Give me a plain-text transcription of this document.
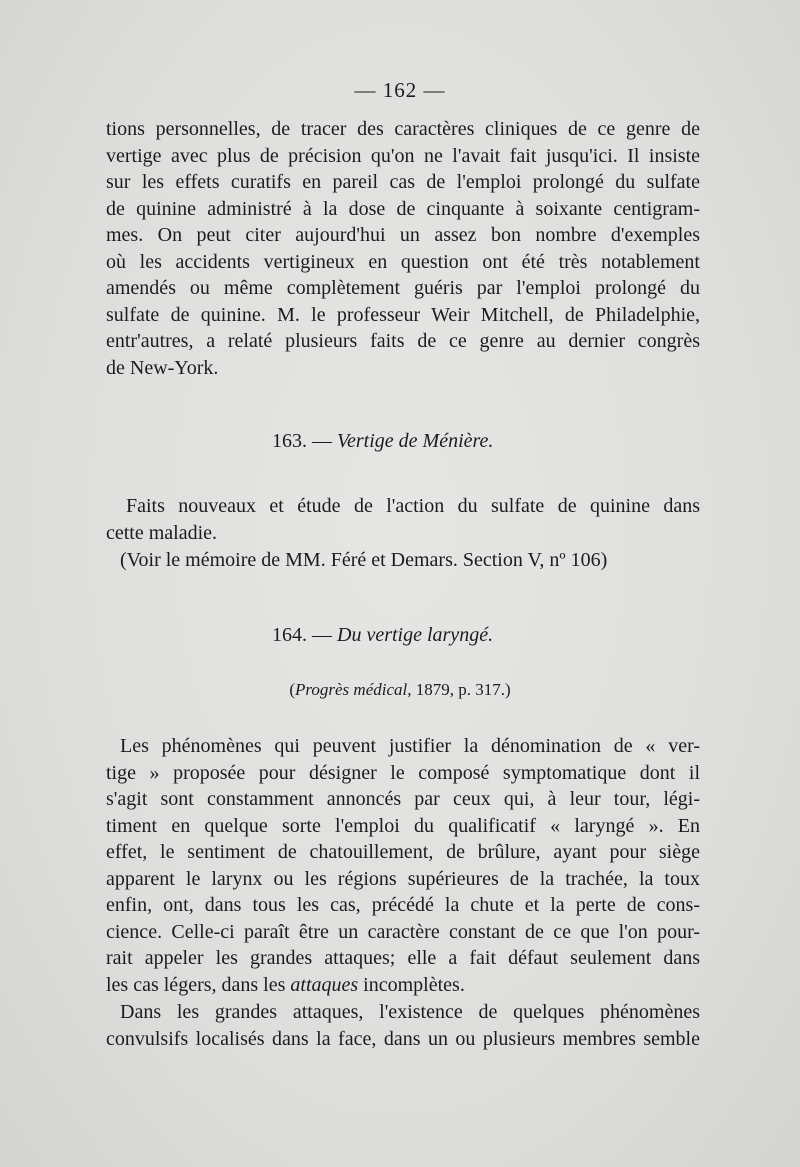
— 162 —
tions personnelles, de tracer des caractères cliniques de ce genre de
vertige avec plus de précision qu'on ne l'avait fait jusqu'ici. Il insiste
sur les effets curatifs en pareil cas de l'emploi prolongé du sulfate
de quinine administré à la dose de cinquante à soixante centigram-
mes. On peut citer aujourd'hui un assez bon nombre d'exemples
où les accidents vertigineux en question ont été très notablement
amendés ou même complètement guéris par l'emploi prolongé du
sulfate de quinine. M. le professeur Weir Mitchell, de Philadelphie,
entr'autres, a relaté plusieurs faits de ce genre au dernier congrès
de New-York.
163. — Vertige de Ménière.
Faits nouveaux et étude de l'action du sulfate de quinine dans
cette maladie.
(Voir le mémoire de MM. Féré et Demars. Section V, nº 106)
164. — Du vertige laryngé.
(Progrès médical, 1879, p. 317.)
Les phénomènes qui peuvent justifier la dénomination de « ver-
tige » proposée pour désigner le composé symptomatique dont il
s'agit sont constamment annoncés par ceux qui, à leur tour, légi-
timent en quelque sorte l'emploi du qualificatif « laryngé ». En
effet, le sentiment de chatouillement, de brûlure, ayant pour siège
apparent le larynx ou les régions supérieures de la trachée, la toux
enfin, ont, dans tous les cas, précédé la chute et la perte de cons-
cience. Celle-ci paraît être un caractère constant de ce que l'on pour-
rait appeler les grandes attaques; elle a fait défaut seulement dans
les cas légers, dans les attaques incomplètes.
Dans les grandes attaques, l'existence de quelques phénomènes
convulsifs localisés dans la face, dans un ou plusieurs membres semble
